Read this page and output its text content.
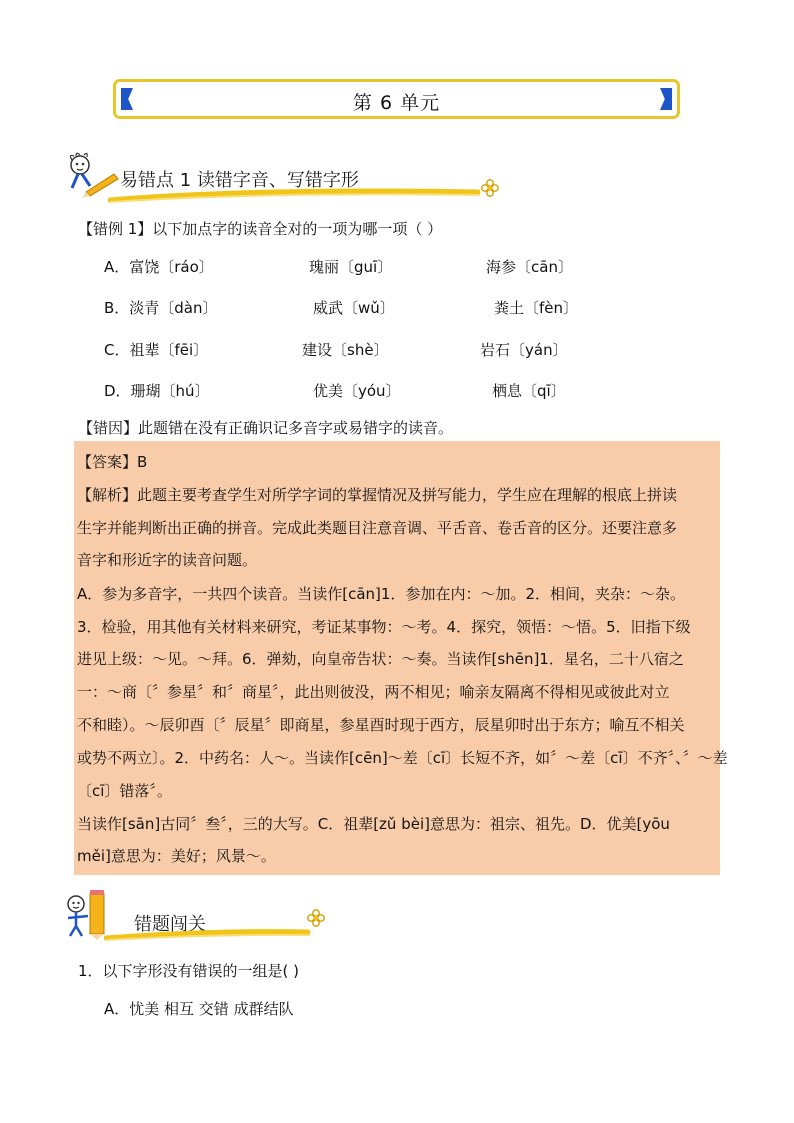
第 6 单元
易错点 1 读错字音、写错字形
【错例 1】以下加点字的读音全对的一项为哪一项（ ）
A．富饶〔ráo〕	瑰丽〔guī〕	海参〔cān〕
B．淡青〔dàn〕	威武〔wǔ〕	粪土〔fèn〕
C．祖辈〔fēi〕	建设〔shè〕	岩石〔yán〕
D．珊瑚〔hú〕	优美〔yóu〕	栖息〔qī〕
【错因】此题错在没有正确识记多音字或易错字的读音。
【答案】B
【解析】此题主要考查学生对所学字词的掌握情况及拼写能力，学生应在理解的根底上拼读
生字并能判断出正确的拼音。完成此类题目注意音调、平舌音、卷舌音的区分。还要注意多
音字和形近字的读音问题。
A．参为多音字，一共四个读音。当读作[cān]1．参加在内：～加。2．相间，夹杂：～杂。
3．检验，用其他有关材料来研究，考证某事物：～考。4．探究，领悟：～悟。5．旧指下级
进见上级：～见。～拜。6．弹劾，向皇帝告状：～奏。当读作[shēn]1．星名，二十八宿之
一：～商〔〞参星〞和〞商星〞，此出则彼没，两不相见；喻亲友隔离不得相见或彼此对立
不和睦）。～辰卯酉〔〞辰星〞即商星，参星酉时现于西方，辰星卯时出于东方；喻互不相关
或势不两立〕。2．中药名：人～。当读作[cēn]～差〔cī〕长短不齐，如〞～差〔cī〕不齐〞、〞～差
〔cī〕错落〞。
当读作[sān]古同〞叁〞，三的大写。C．祖辈[zǔ bèi]意思为：祖宗、祖先。D．优美[yōu
měi]意思为：美好；风景～。
错题闯关
1．以下字形没有错误的一组是( )
A．忧美 相互 交错 成群结队
